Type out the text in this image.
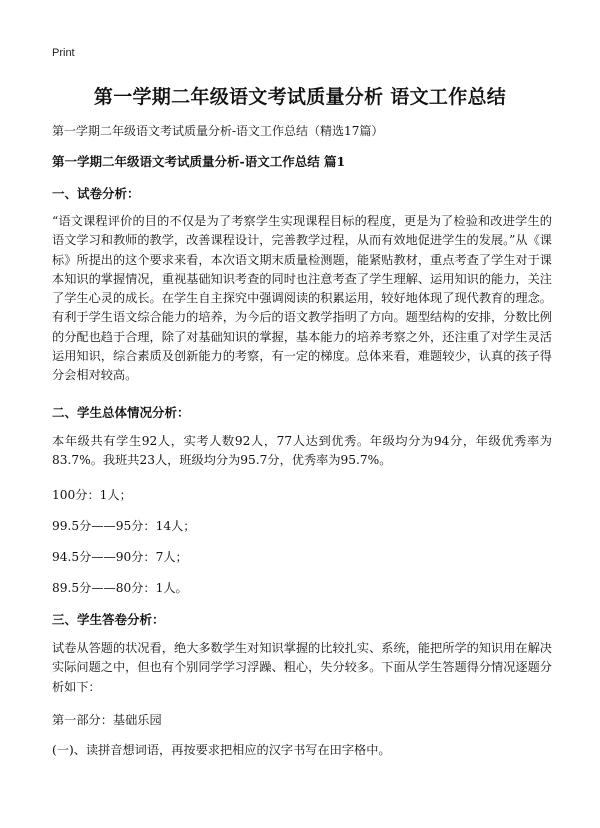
Print
第一学期二年级语文考试质量分析 语文工作总结
第一学期二年级语文考试质量分析-语文工作总结（精选17篇）
第一学期二年级语文考试质量分析-语文工作总结 篇1
一、试卷分析：
“语文课程评价的目的不仅是为了考察学生实现课程目标的程度，更是为了检验和改进学生的语文学习和教师的教学，改善课程设计，完善教学过程，从而有效地促进学生的发展。”从《课标》所提出的这个要求来看，本次语文期末质量检测题，能紧贴教材，重点考查了学生对于课本知识的掌握情况，重视基础知识考查的同时也注意考查了学生理解、运用知识的能力，关注了学生心灵的成长。在学生自主探究中强调阅读的积累运用，较好地体现了现代教育的理念。有利于学生语文综合能力的培养，为今后的语文教学指明了方向。题型结构的安排，分数比例的分配也趋于合理，除了对基础知识的掌握，基本能力的培养考察之外，还注重了对学生灵活运用知识，综合素质及创新能力的考察，有一定的梯度。总体来看，难题较少，认真的孩子得分会相对较高。
二、学生总体情况分析：
本年级共有学生92人，实考人数92人，77人达到优秀。年级均分为94分，年级优秀率为83.7%。我班共23人，班级均分为95.7分，优秀率为95.7%。
100分：1人；
99.5分——95分：14人；
94.5分——90分：7人；
89.5分——80分：1人。
三、学生答卷分析：
试卷从答题的状况看，绝大多数学生对知识掌握的比较扎实、系统，能把所学的知识用在解决实际问题之中，但也有个别同学学习浮躁、粗心，失分较多。下面从学生答题得分情况逐题分析如下：
第一部分：基础乐园
(一)、读拼音想词语，再按要求把相应的汉字书写在田字格中。
